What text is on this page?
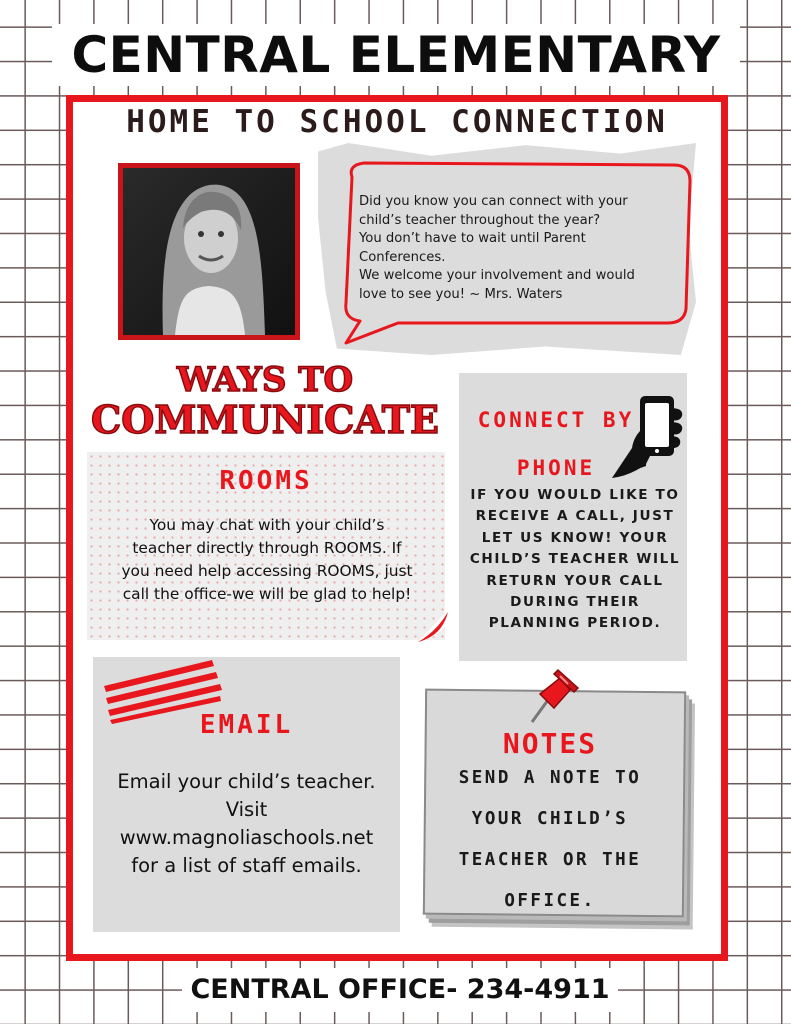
CENTRAL ELEMENTARY
HOME TO SCHOOL CONNECTION
Did you know you can connect with your
child’s teacher throughout the year?
You don’t have to wait until Parent
Conferences.
We welcome your involvement and would
love to see you! ~ Mrs. Waters
WAYS TO
COMMUNICATE
ROOMS
You may chat with your child’s
teacher directly through ROOMS. If
you need help accessing ROOMS, just
call the office-we will be glad to help!
CONNECT BY
PHONE
IF YOU WOULD LIKE TO
RECEIVE A CALL, JUST
LET US KNOW! YOUR
CHILD’S TEACHER WILL
RETURN YOUR CALL
DURING THEIR
PLANNING PERIOD.
EMAIL
Email your child’s teacher.
Visit
www.magnoliaschools.net
for a list of staff emails.
NOTES
SEND A NOTE TO
YOUR CHILD’S
TEACHER OR THE
OFFICE.
CENTRAL OFFICE- 234-4911
